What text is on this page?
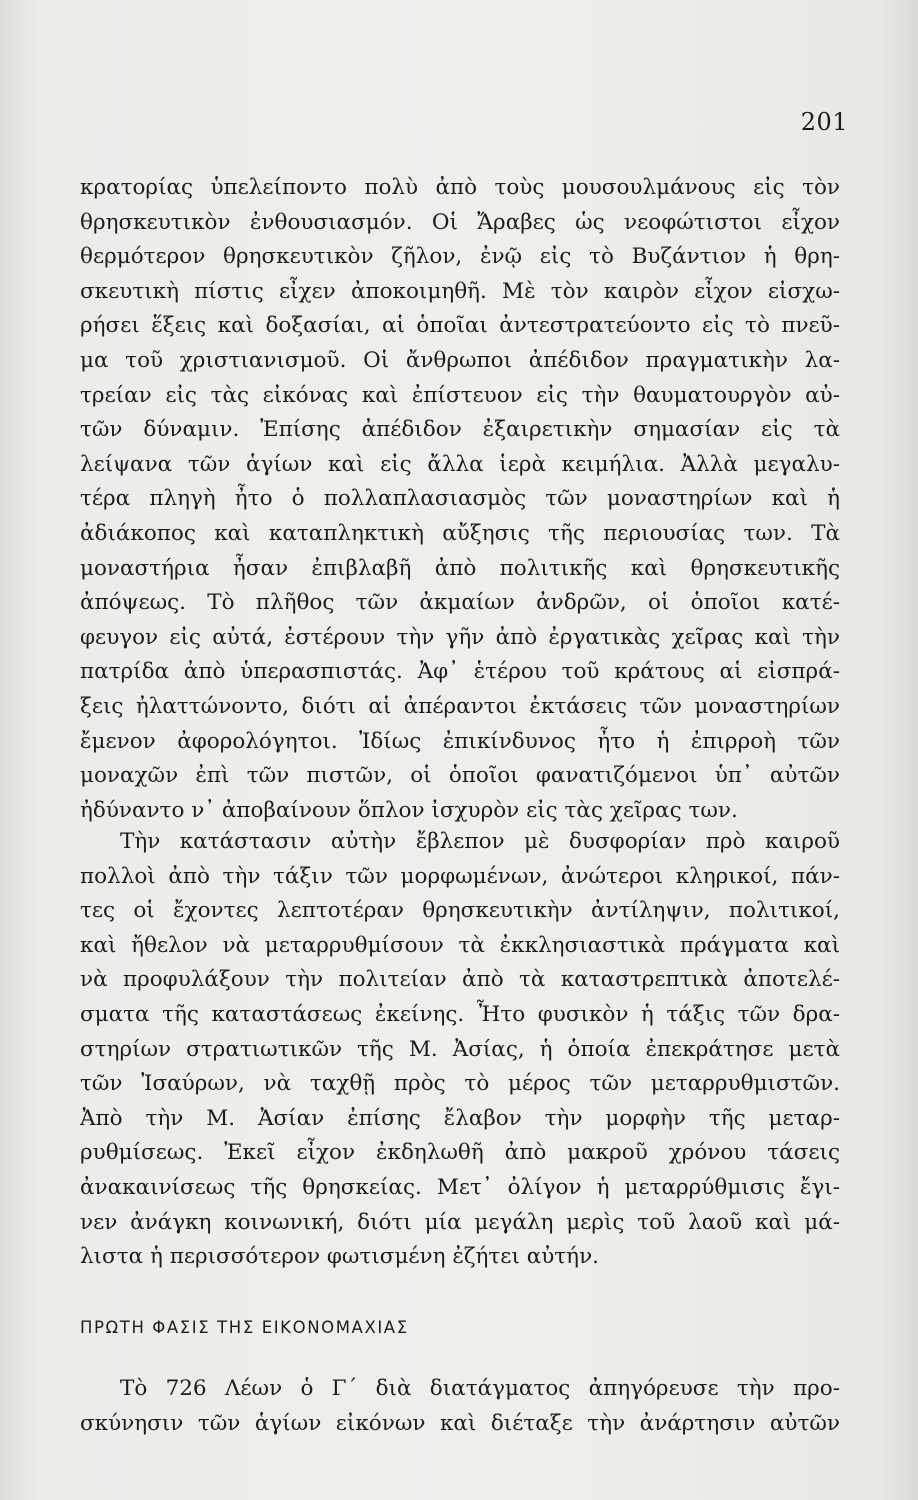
201
κρατορίας ὑπελείποντο πολὺ ἀπὸ τοὺς μουσουλμάνους εἰς τὸν
θρησκευτικὸν ἐνθουσιασμόν. Οἱ Ἄραβες ὡς νεοφώτιστοι εἶχον
θερμότερον θρησκευτικὸν ζῆλον, ἐνῷ εἰς τὸ Βυζάντιον ἡ θρη-
σκευτικὴ πίστις εἶχεν ἀποκοιμηθῆ. Μὲ τὸν καιρὸν εἶχον εἰσχω-
ρήσει ἕξεις καὶ δοξασίαι, αἱ ὁποῖαι ἀντεστρατεύοντο εἰς τὸ πνεῦ-
μα τοῦ χριστιανισμοῦ. Οἱ ἄνθρωποι ἀπέδιδον πραγματικὴν λα-
τρείαν εἰς τὰς εἰκόνας καὶ ἐπίστευον εἰς τὴν θαυματουργὸν αὐ-
τῶν δύναμιν. Ἐπίσης ἀπέδιδον ἐξαιρετικὴν σημασίαν εἰς τὰ
λείψανα τῶν ἁγίων καὶ εἰς ἄλλα ἱερὰ κειμήλια. Ἀλλὰ μεγαλυ-
τέρα πληγὴ ἦτο ὁ πολλαπλασιασμὸς τῶν μοναστηρίων καὶ ἡ
ἀδιάκοπος καὶ καταπληκτικὴ αὔξησις τῆς περιουσίας των. Τὰ
μοναστήρια ἦσαν ἐπιβλαβῆ ἀπὸ πολιτικῆς καὶ θρησκευτικῆς
ἀπόψεως. Τὸ πλῆθος τῶν ἀκμαίων ἀνδρῶν, οἱ ὁποῖοι κατέ-
φευγον εἰς αὐτά, ἐστέρουν τὴν γῆν ἀπὸ ἐργατικὰς χεῖρας καὶ τὴν
πατρίδα ἀπὸ ὑπερασπιστάς. Ἀφ᾿ ἑτέρου τοῦ κράτους αἱ εἰσπρά-
ξεις ἠλαττώνοντο, διότι αἱ ἀπέραντοι ἐκτάσεις τῶν μοναστηρίων
ἔμενον ἀφορολόγητοι. Ἰδίως ἐπικίνδυνος ἦτο ἡ ἐπιρροὴ τῶν
μοναχῶν ἐπὶ τῶν πιστῶν, οἱ ὁποῖοι φανατιζόμενοι ὑπ᾿ αὐτῶν
ἠδύναντο ν᾿ ἀποβαίνουν ὅπλον ἰσχυρὸν εἰς τὰς χεῖρας των.
Τὴν κατάστασιν αὐτὴν ἔβλεπον μὲ δυσφορίαν πρὸ καιροῦ
πολλοὶ ἀπὸ τὴν τάξιν τῶν μορφωμένων, ἀνώτεροι κληρικοί, πάν-
τες οἱ ἔχοντες λεπτοτέραν θρησκευτικὴν ἀντίληψιν, πολιτικοί,
καὶ ἤθελον νὰ μεταρρυθμίσουν τὰ ἐκκλησιαστικὰ πράγματα καὶ
νὰ προφυλάξουν τὴν πολιτείαν ἀπὸ τὰ καταστρεπτικὰ ἀποτελέ-
σματα τῆς καταστάσεως ἐκείνης. Ἦτο φυσικὸν ἡ τάξις τῶν δρα-
στηρίων στρατιωτικῶν τῆς Μ. Ἀσίας, ἡ ὁποία ἐπεκράτησε μετὰ
τῶν Ἰσαύρων, νὰ ταχθῇ πρὸς τὸ μέρος τῶν μεταρρυθμιστῶν.
Ἀπὸ τὴν Μ. Ἀσίαν ἐπίσης ἔλαβον τὴν μορφὴν τῆς μεταρ-
ρυθμίσεως. Ἐκεῖ εἶχον ἐκδηλωθῆ ἀπὸ μακροῦ χρόνου τάσεις
ἀνακαινίσεως τῆς θρησκείας. Μετ᾿ ὀλίγον ἡ μεταρρύθμισις ἔγι-
νεν ἀνάγκη κοινωνική, διότι μία μεγάλη μερὶς τοῦ λαοῦ καὶ μά-
λιστα ἡ περισσότερον φωτισμένη ἐζήτει αὐτήν.
ΠΡΩΤΗ ΦΑΣΙΣ ΤΗΣ ΕΙΚΟΝΟΜΑΧΙΑΣ
Τὸ 726 Λέων ὁ Γ΄ διὰ διατάγματος ἀπηγόρευσε τὴν προ-
σκύνησιν τῶν ἁγίων εἰκόνων καὶ διέταξε τὴν ἀνάρτησιν αὐτῶν
